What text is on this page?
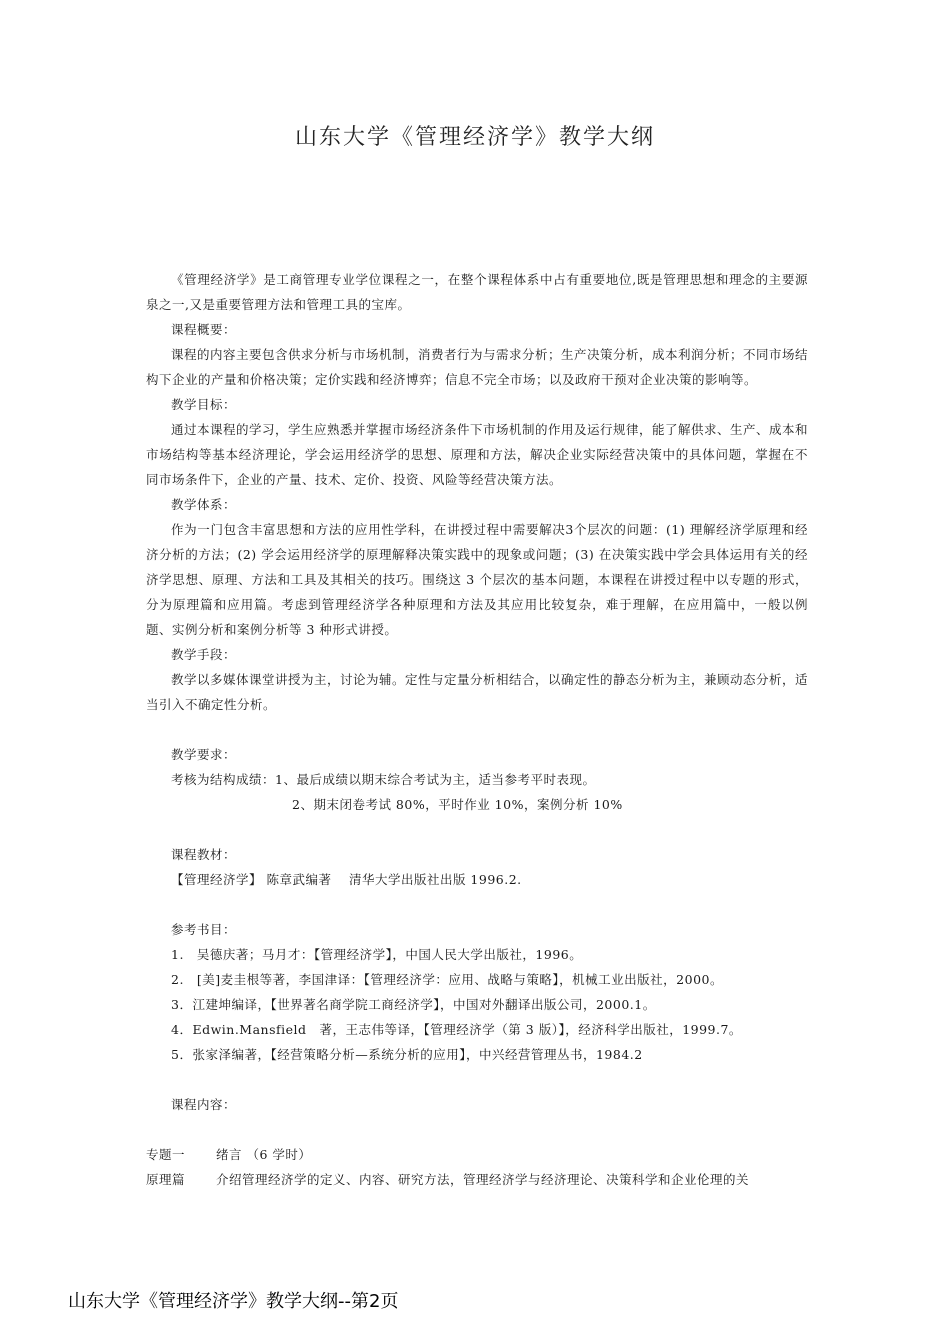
山东大学《管理经济学》教学大纲

《管理经济学》是工商管理专业学位课程之一，在整个课程体系中占有重要地位,既是管理思想和理念的主要源泉之一,又是重要管理方法和管理工具的宝库。

课程概要：

课程的内容主要包含供求分析与市场机制，消费者行为与需求分析；生产决策分析，成本利润分析；不同市场结构下企业的产量和价格决策；定价实践和经济博弈；信息不完全市场；以及政府干预对企业决策的影响等。

教学目标：

通过本课程的学习，学生应熟悉并掌握市场经济条件下市场机制的作用及运行规律，能了解供求、生产、成本和市场结构等基本经济理论，学会运用经济学的思想、原理和方法，解决企业实际经营决策中的具体问题，掌握在不同市场条件下，企业的产量、技术、定价、投资、风险等经营决策方法。

教学体系：

作为一门包含丰富思想和方法的应用性学科，在讲授过程中需要解决3个层次的问题：(1) 理解经济学原理和经济分析的方法；(2) 学会运用经济学的原理解释决策实践中的现象或问题；(3) 在决策实践中学会具体运用有关的经济学思想、原理、方法和工具及其相关的技巧。围绕这 3 个层次的基本问题，本课程在讲授过程中以专题的形式，分为原理篇和应用篇。考虑到管理经济学各种原理和方法及其应用比较复杂，难于理解，在应用篇中，一般以例题、实例分析和案例分析等 3 种形式讲授。

教学手段：

教学以多媒体课堂讲授为主，讨论为辅。定性与定量分析相结合，以确定性的静态分析为主，兼顾动态分析，适当引入不确定性分析。

教学要求：

考核为结构成绩：1、最后成绩以期末综合考试为主，适当参考平时表现。

2、期末闭卷考试 80%，平时作业 10%，案例分析 10%

课程教材：

【管理经济学】 陈章武编著　 清华大学出版社出版 1996.2.

参考书目：

1.　吴德庆著；马月才：【管理经济学】，中国人民大学出版社，1996。

2.　[美]麦圭根等著，李国津译：【管理经济学：应用、战略与策略】，机械工业出版社，2000。

3．江建坤编译，【世界著名商学院工商经济学】，中国对外翻译出版公司，2000.1。

4．Edwin.Mansfield　著，王志伟等译，【管理经济学（第 3 版）】，经济科学出版社，1999.7。

5．张家泽编著，【经营策略分析—系统分析的应用】，中兴经营管理丛书，1984.2

课程内容：

专题一	绪言 （6 学时）
原理篇	介绍管理经济学的定义、内容、研究方法，管理经济学与经济理论、决策科学和企业伦理的关
山东大学《管理经济学》教学大纲--第2页
